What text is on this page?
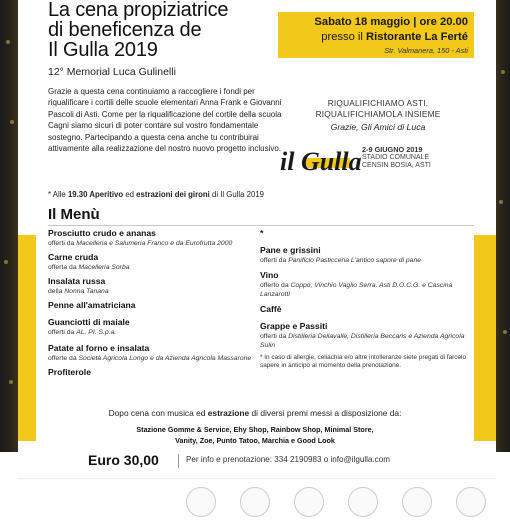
La cena propiziatrice
di beneficenza de
Il Gulla 2019
12° Memorial Luca Gulinelli
Grazie a questa cena continuiamo a raccogliere i fondi per riqualificare i cortili delle scuole elementari Anna Frank e Giovanni Pascoli di Asti. Come per la riqualificazione del cortile della scuola Cagni siamo sicuri di poter contare sul vostro fondamentale sostegno. Partecipando a questa cena anche tu contribuirai attivamente alla realizzazione del nostro nuovo progetto inclusivo.
Sabato 18 maggio | ore 20.00
presso il Ristorante La Ferté
Str. Valmanera, 150 - Asti
RIQUALIFICHIAMO ASTI,
RIQUALIFICHIAMOLA INSIEME
Grazie, Gli Amici di Luca
il Gulla 2-9 GIUGNO 2019
STADIO COMUNALE
CENSIN BOSIA, ASTI
* Alle 19.30 Aperitivo ed estrazioni dei gironi di Il Gulla 2019
Il Menù
Prosciutto crudo e ananas
offerti da Macelleria e Salumeria Franco e da Eurofrutta 2000
Carne cruda
offerta da Macelleria Sorba
Insalata russa
della Nonna Tanana
Penne all'amatriciana
Guanciotti di maiale
offerti da AL. PI. S.p.a.
Patate al forno e insalata
offerte da Società Agricola Longo e da Azienda Agricola Massarone
Profiterole
*
Pane e grissini
offerti da Panificio Pasticceria L'antico sapore di pane
Vino
offerto da Coppo, Vinchio Vaglio Serra, Asti D.O.C.G. e Cascina Lanzarotti
Caffè
Grappe e Passiti
offerti da Distilleria Dellavalle, Distilleria Beccaris e Azienda Agricola Sulin
* In caso di allergie, celiachia e/o altre intolleranze siete pregati di farcelo sapere in anticipo al momento della prenotazione.
Dopo cena con musica ed estrazione di diversi premi messi a disposizione da:
Stazione Gomme & Service, Ehy Shop, Rainbow Shop, Minimal Store,
Vanity, Zoe, Punto Tatoo, Marchia e Good Look
Euro 30,00	Per info e prenotazione: 334 2190983 o info@ilgulla.com
